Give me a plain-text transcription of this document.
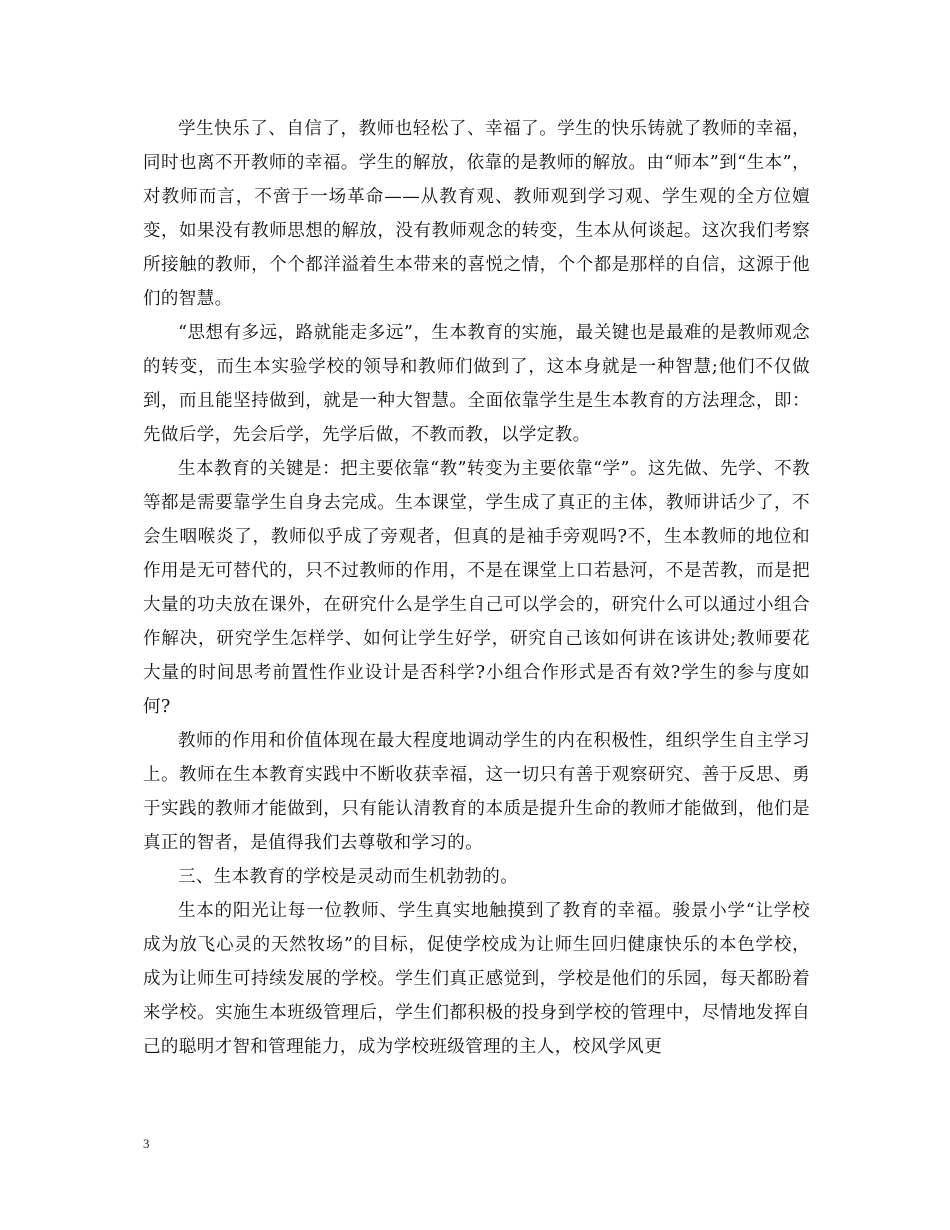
学生快乐了、自信了，教师也轻松了、幸福了。学生的快乐铸就了教师的幸福，同时也离不开教师的幸福。学生的解放，依靠的是教师的解放。由“师本”到“生本”，对教师而言，不啻于一场革命——从教育观、教师观到学习观、学生观的全方位嬗变，如果没有教师思想的解放，没有教师观念的转变，生本从何谈起。这次我们考察所接触的教师，个个都洋溢着生本带来的喜悦之情，个个都是那样的自信，这源于他们的智慧。

“思想有多远，路就能走多远”，生本教育的实施，最关键也是最难的是教师观念的转变，而生本实验学校的领导和教师们做到了，这本身就是一种智慧;他们不仅做到，而且能坚持做到，就是一种大智慧。全面依靠学生是生本教育的方法理念，即：先做后学，先会后学，先学后做，不教而教，以学定教。

生本教育的关键是：把主要依靠“教”转变为主要依靠“学”。这先做、先学、不教等都是需要靠学生自身去完成。生本课堂，学生成了真正的主体，教师讲话少了，不会生咽喉炎了，教师似乎成了旁观者，但真的是袖手旁观吗?不，生本教师的地位和作用是无可替代的，只不过教师的作用，不是在课堂上口若悬河，不是苦教，而是把大量的功夫放在课外，在研究什么是学生自己可以学会的，研究什么可以通过小组合作解决，研究学生怎样学、如何让学生好学，研究自己该如何讲在该讲处;教师要花大量的时间思考前置性作业设计是否科学?小组合作形式是否有效?学生的参与度如何?

教师的作用和价值体现在最大程度地调动学生的内在积极性，组织学生自主学习上。教师在生本教育实践中不断收获幸福，这一切只有善于观察研究、善于反思、勇于实践的教师才能做到，只有能认清教育的本质是提升生命的教师才能做到，他们是真正的智者，是值得我们去尊敬和学习的。

三、生本教育的学校是灵动而生机勃勃的。

生本的阳光让每一位教师、学生真实地触摸到了教育的幸福。骏景小学“让学校成为放飞心灵的天然牧场”的目标，促使学校成为让师生回归健康快乐的本色学校，成为让师生可持续发展的学校。学生们真正感觉到，学校是他们的乐园，每天都盼着来学校。实施生本班级管理后，学生们都积极的投身到学校的管理中，尽情地发挥自己的聪明才智和管理能力，成为学校班级管理的主人，校风学风更

3
